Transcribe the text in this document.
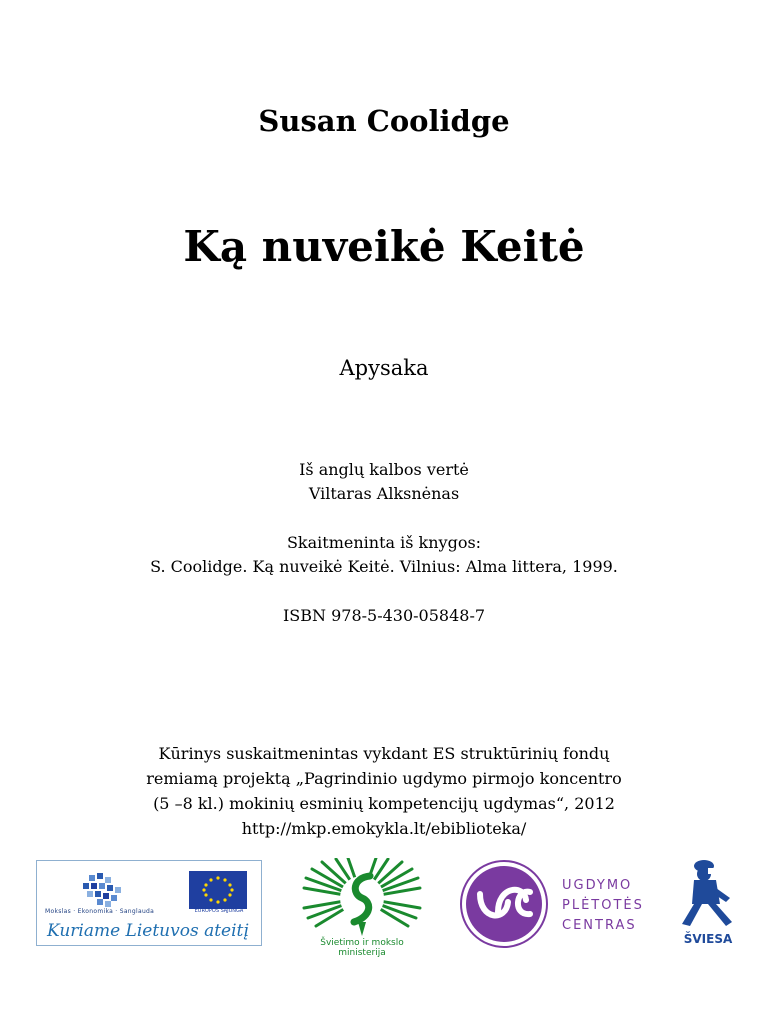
Susan Coolidge
Ką nuveikė Keitė
Apysaka
Iš anglų kalbos vertė
Viltaras Alksnėnas
Skaitmeninta iš knygos:
S. Coolidge. Ką nuveikė Keitė. Vilnius: Alma littera, 1999.
ISBN 978-5-430-05848-7
Kūrinys suskaitmenintas vykdant ES struktūrinių fondų
remiamą projektą „Pagrindinio ugdymo pirmojo koncentro
(5 –8 kl.) mokinių esminių kompetencijų ugdymas“, 2012
http://mkp.emokykla.lt/ebiblioteka/
EUROPOS SĄJUNGA
Mokslas · Ekonomika · Sanglauda
Kuriame Lietuvos ateitį
Švietimo ir mokslo ministerija
UGDYMO
PLĖTOTĖS
CENTRAS
ŠVIESA
